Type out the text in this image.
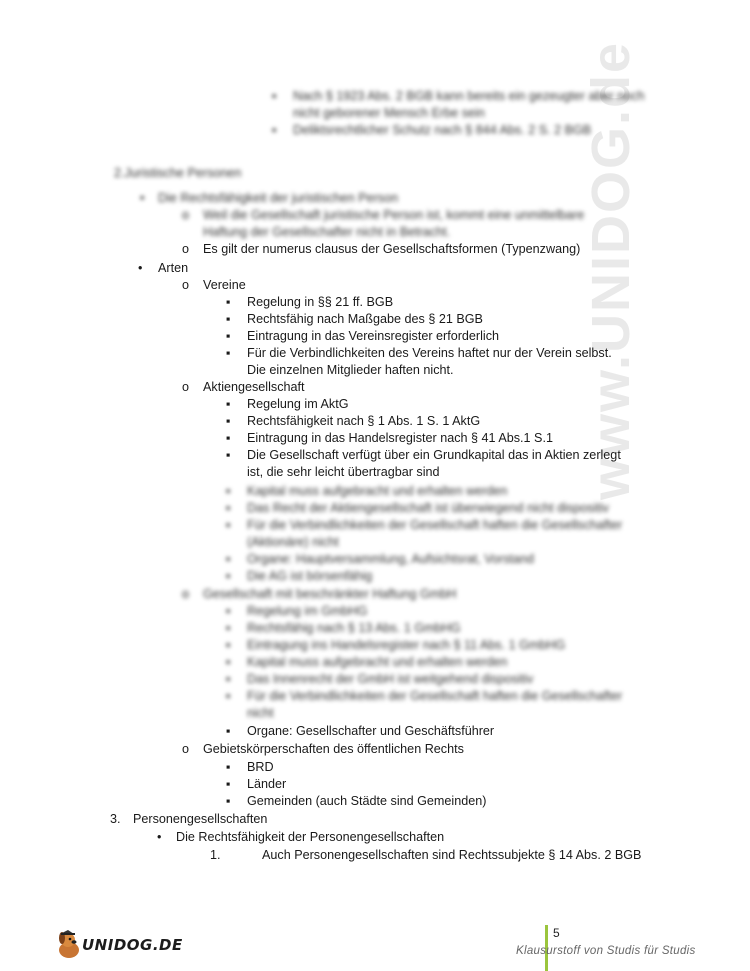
www.UNIDOG.de
▪
Nach § 1923 Abs. 2 BGB kann bereits ein gezeugter aber noch
nicht geborener Mensch Erbe sein
▪
Deliktsrechtlicher Schutz nach § 844 Abs. 2 S. 2 BGB
2.Juristische Personen
•
Die Rechtsfähigkeit der juristischen Person
o
Weil die Gesellschaft juristische Person ist, kommt eine unmittelbare
Haftung der Gesellschafter nicht in Betracht.
o
Es gilt der numerus clausus der Gesellschaftsformen (Typenzwang)
•
Arten
o
Vereine
▪
Regelung in §§ 21 ff. BGB
▪
Rechtsfähig nach Maßgabe des § 21 BGB
▪
Eintragung in das Vereinsregister erforderlich
▪
Für die Verbindlichkeiten des Vereins haftet nur der Verein selbst.
Die einzelnen Mitglieder haften nicht.
o
Aktiengesellschaft
▪
Regelung im AktG
▪
Rechtsfähigkeit nach § 1 Abs. 1 S. 1 AktG
▪
Eintragung in das Handelsregister nach § 41 Abs.1 S.1
▪
Die Gesellschaft verfügt über ein Grundkapital das in Aktien zerlegt
ist, die sehr leicht übertragbar sind
▪
Kapital muss aufgebracht und erhalten werden
▪
Das Recht der Aktiengesellschaft ist überwiegend nicht dispositiv
▪
Für die Verbindlichkeiten der Gesellschaft haften die Gesellschafter
(Aktionäre) nicht
▪
Organe: Hauptversammlung, Aufsichtsrat, Vorstand
▪
Die AG ist börsenfähig
o
Gesellschaft mit beschränkter Haftung GmbH
▪
Regelung im GmbHG
▪
Rechtsfähig nach § 13 Abs. 1 GmbHG
▪
Eintragung ins Handelsregister nach § 11 Abs. 1 GmbHG
▪
Kapital muss aufgebracht und erhalten werden
▪
Das Innenrecht der GmbH ist weitgehend dispositiv
▪
Für die Verbindlichkeiten der Gesellschaft haften die Gesellschafter
nicht
▪
Organe: Gesellschafter und Geschäftsführer
o
Gebietskörperschaften des öffentlichen Rechts
▪
BRD
▪
Länder
▪
Gemeinden (auch Städte sind Gemeinden)
3. Personengesellschaften
•
Die Rechtsfähigkeit der Personengesellschaften
1.	Auch Personengesellschaften sind Rechtssubjekte § 14 Abs. 2 BGB
UNIDOG.DE
5
Klausurstoff von Studis für Studis
